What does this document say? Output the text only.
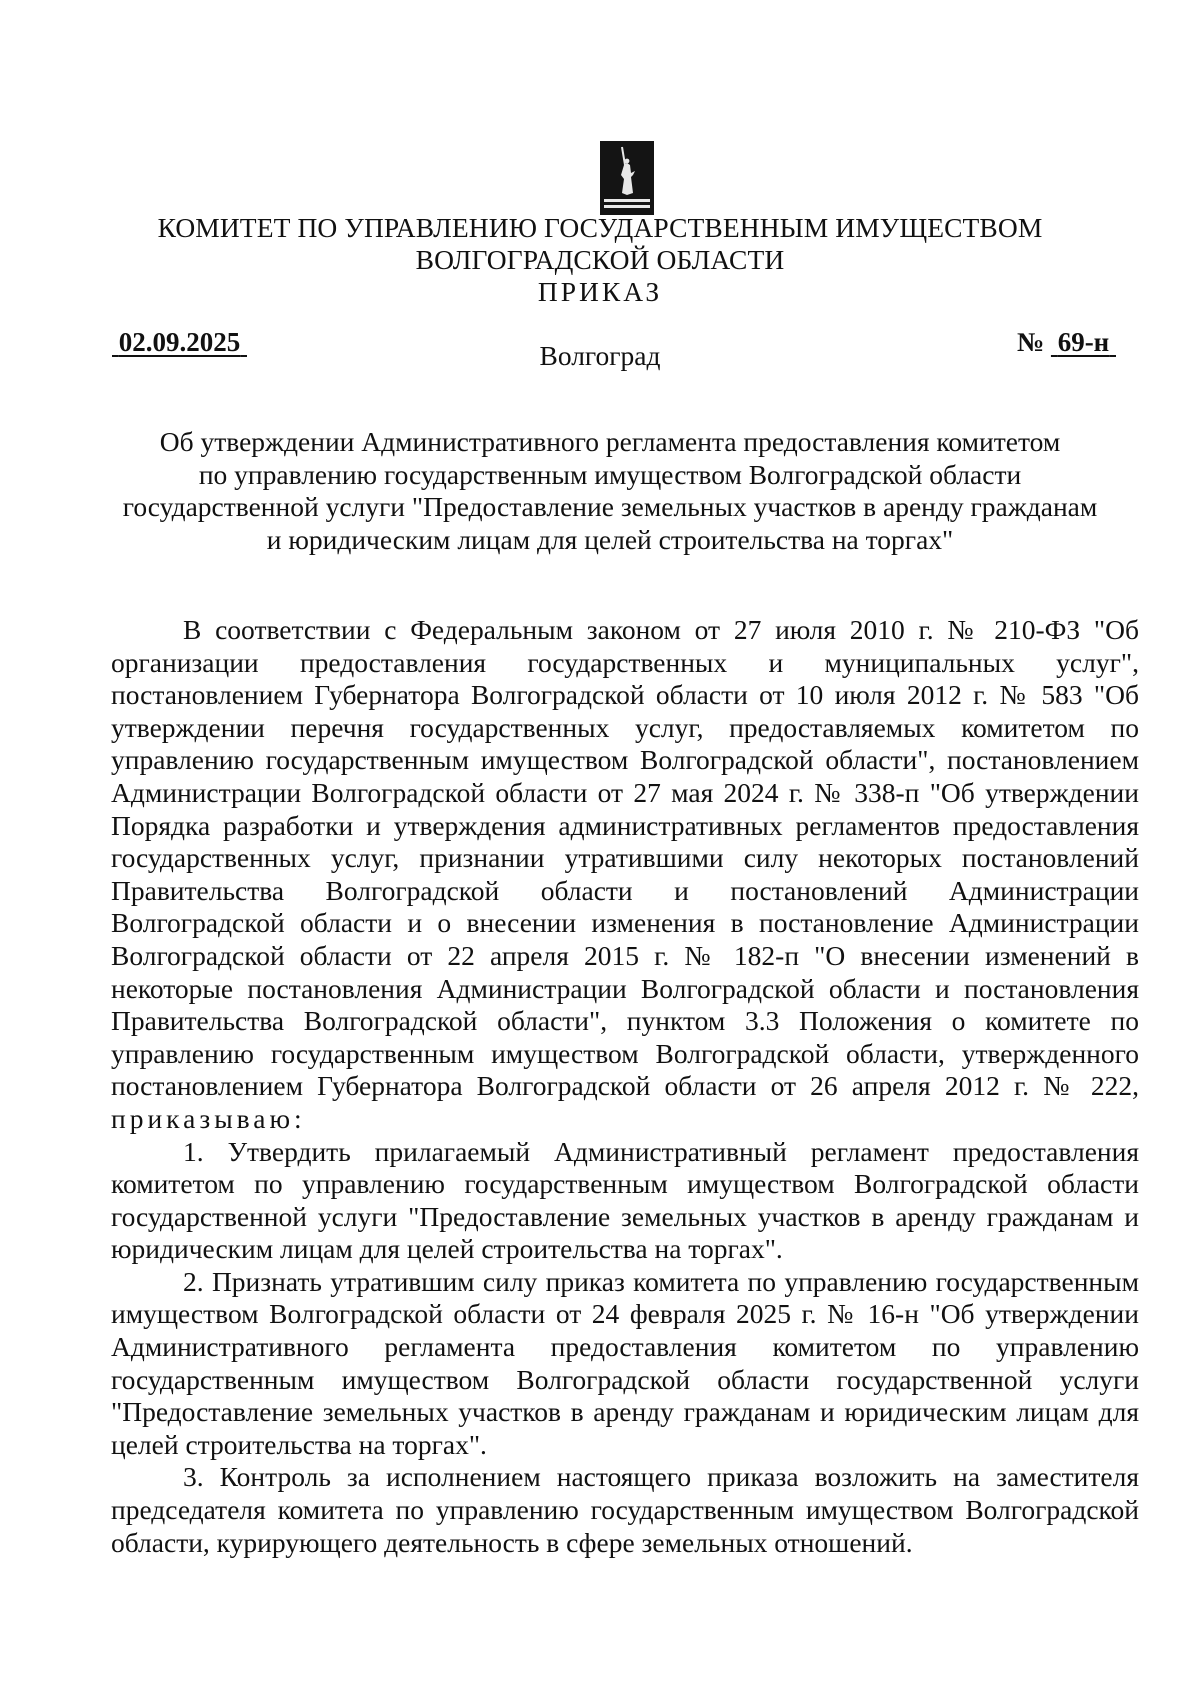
КОМИТЕТ ПО УПРАВЛЕНИЮ ГОСУДАРСТВЕННЫМ ИМУЩЕСТВОМ
ВОЛГОГРАДСКОЙ ОБЛАСТИ
ПРИКАЗ
02.09.2025	№ 69-н
Волгоград
Об утверждении Административного регламента предоставления комитетом
по управлению государственным имуществом Волгоградской области
государственной услуги "Предоставление земельных участков в аренду гражданам
и юридическим лицам для целей строительства на торгах"

В соответствии с Федеральным законом от 27 июля 2010 г. № 210-ФЗ "Об организации предоставления государственных и муниципальных услуг", постановлением Губернатора Волгоградской области от 10 июля 2012 г. № 583 "Об утверждении перечня государственных услуг, предоставляемых комитетом по управлению государственным имуществом Волгоградской области", постановлением Администрации Волгоградской области от 27 мая 2024 г. № 338-п "Об утверждении Порядка разработки и утверждения административных регламентов предоставления государственных услуг, признании утратившими силу некоторых постановлений Правительства Волгоградской области и постановлений Администрации Волгоградской области и о внесении изменения в постановление Администрации Волгоградской области от 22 апреля 2015 г. № 182-п "О внесении изменений в некоторые постановления Администрации Волгоградской области и постановления Правительства Волгоградской области", пунктом 3.3 Положения о комитете по управлению государственным имуществом Волгоградской области, утвержденного постановлением Губернатора Волгоградской области от 26 апреля 2012 г. № 222, приказываю:

1. Утвердить прилагаемый Административный регламент предоставления комитетом по управлению государственным имуществом Волгоградской области государственной услуги "Предоставление земельных участков в аренду гражданам и юридическим лицам для целей строительства на торгах".

2. Признать утратившим силу приказ комитета по управлению государственным имуществом Волгоградской области от 24 февраля 2025 г. № 16-н "Об утверждении Административного регламента предоставления комитетом по управлению государственным имуществом Волгоградской области государственной услуги "Предоставление земельных участков в аренду гражданам и юридическим лицам для целей строительства на торгах".

3. Контроль за исполнением настоящего приказа возложить на заместителя председателя комитета по управлению государственным имуществом Волгоградской области, курирующего деятельность в сфере земельных отношений.
